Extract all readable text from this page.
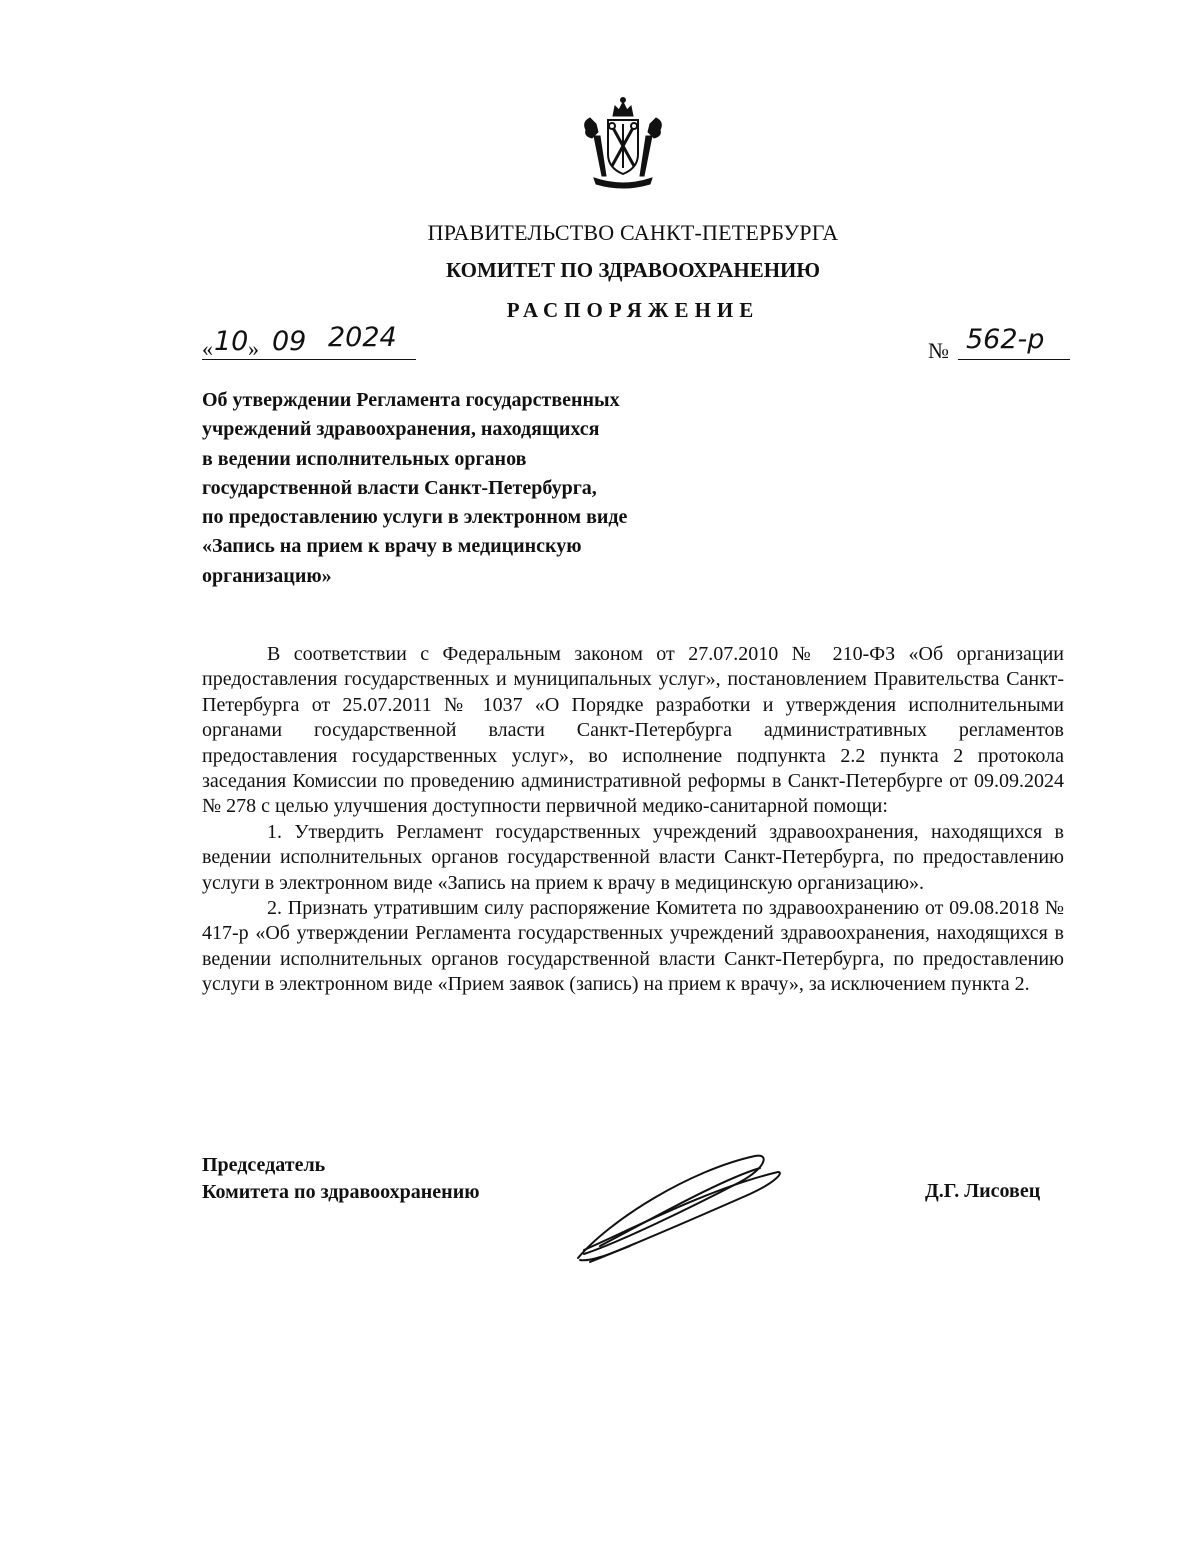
ПРАВИТЕЛЬСТВО САНКТ-ПЕТЕРБУРГА
КОМИТЕТ ПО ЗДРАВООХРАНЕНИЮ
РАСПОРЯЖЕНИЕ
« 10 » 09 2024	№ 562-р
Об утверждении Регламента государственных
учреждений здравоохранения, находящихся
в ведении исполнительных органов
государственной власти Санкт-Петербурга,
по предоставлению услуги в электронном виде
«Запись на прием к врачу в медицинскую
организацию»

В соответствии с Федеральным законом от 27.07.2010 № 210-ФЗ «Об организации предоставления государственных и муниципальных услуг», постановлением Правительства Санкт-Петербурга от 25.07.2011 № 1037 «О Порядке разработки и утверждения исполнительными органами государственной власти Санкт-Петербурга административных регламентов предоставления государственных услуг», во исполнение подпункта 2.2 пункта 2 протокола заседания Комиссии по проведению административной реформы в Санкт-Петербурге от 09.09.2024 № 278 с целью улучшения доступности первичной медико-санитарной помощи:

1. Утвердить Регламент государственных учреждений здравоохранения, находящихся в ведении исполнительных органов государственной власти Санкт-Петербурга, по предоставлению услуги в электронном виде «Запись на прием к врачу в медицинскую организацию».

2. Признать утратившим силу распоряжение Комитета по здравоохранению от 09.08.2018 № 417-р «Об утверждении Регламента государственных учреждений здравоохранения, находящихся в ведении исполнительных органов государственной власти Санкт-Петербурга, по предоставлению услуги в электронном виде «Прием заявок (запись) на прием к врачу», за исключением пункта 2.

Председатель
Комитета по здравоохранению	Д.Г. Лисовец
